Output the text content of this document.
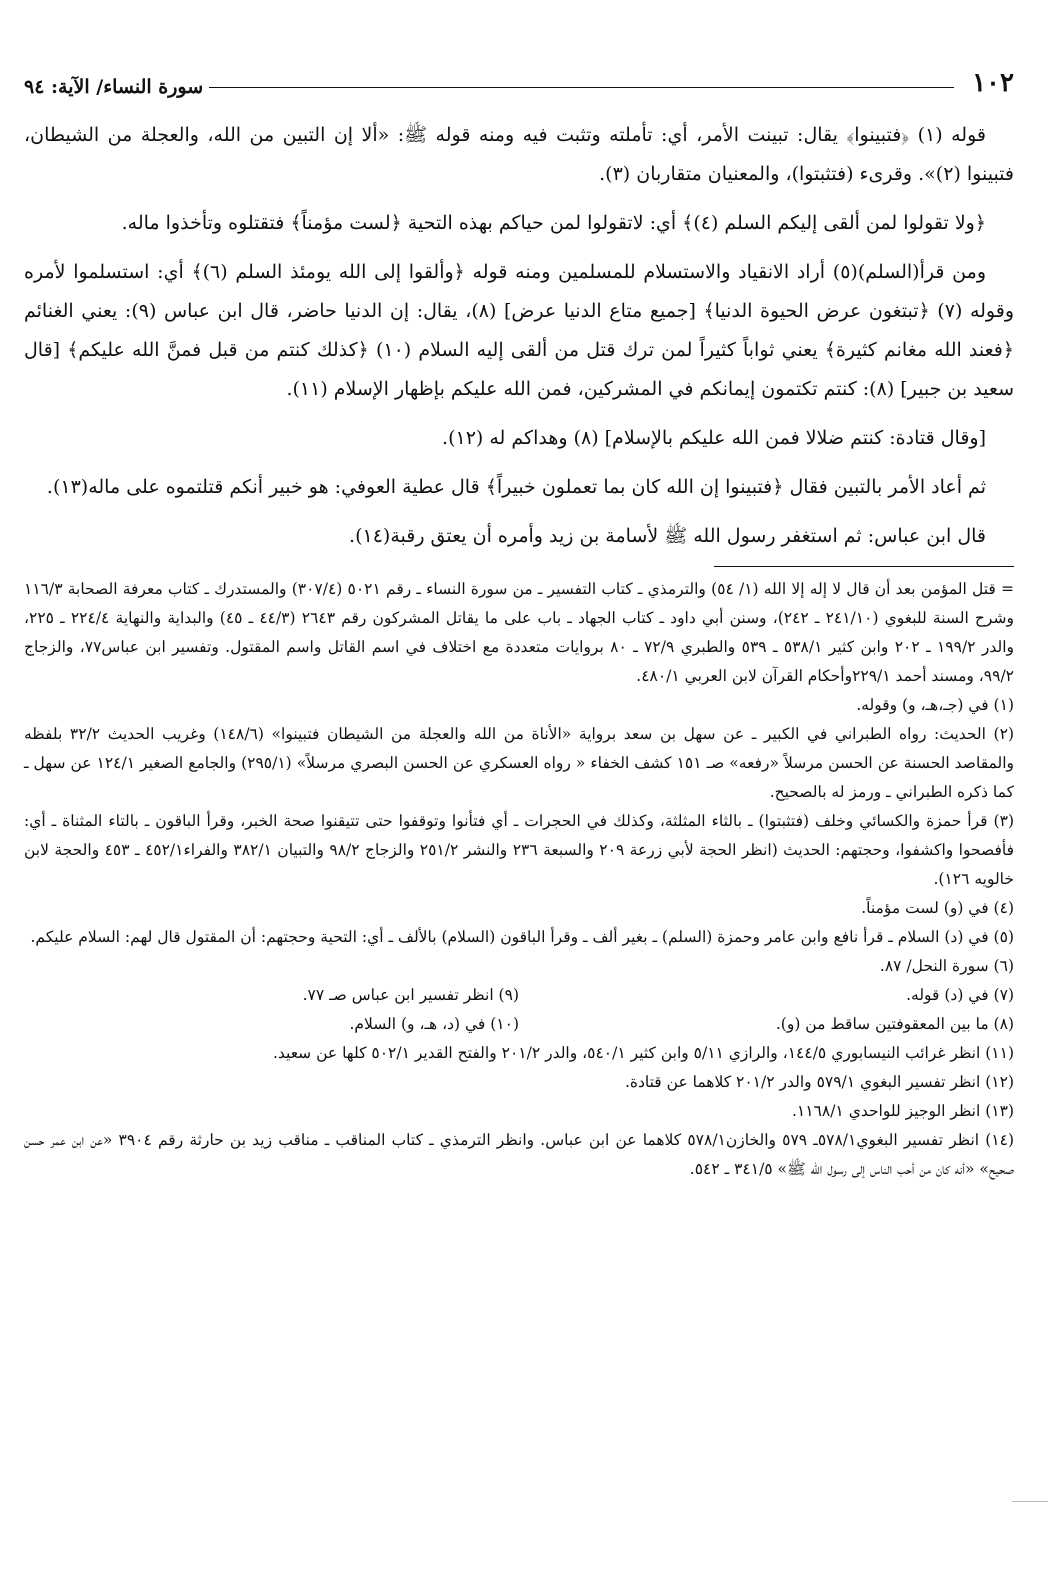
١٠٢
سورة النساء/ الآية: ٩٤

قوله (١) ﴿فتبينوا﴾ يقال: تبينت الأمر، أي: تأملته وتثبت فيه ومنه قوله ﷺ: «ألا إن التبين من الله، والعجلة من الشيطان، فتبينوا (٢)». وقرىء (فتثبتوا)، والمعنيان متقاربان (٣).

﴿ولا تقولوا لمن ألقى إليكم السلم (٤)﴾ أي: لاتقولوا لمن حياكم بهذه التحية ﴿لست مؤمناً﴾ فتقتلوه وتأخذوا ماله.

ومن قرأ(السلم)(٥) أراد الانقياد والاستسلام للمسلمين ومنه قوله ﴿وألقوا إلى الله يومئذ السلم (٦)﴾ أي: استسلموا لأمره وقوله (٧) ﴿تبتغون عرض الحيوة الدنيا﴾ [جميع متاع الدنيا عرض] (٨)، يقال: إن الدنيا حاضر، قال ابن عباس (٩): يعني الغنائم ﴿فعند الله مغانم كثيرة﴾ يعني ثواباً كثيراً لمن ترك قتل من ألقى إليه السلام (١٠) ﴿كذلك كنتم من قبل فمنَّ الله عليكم﴾ [قال سعيد بن جبير] (٨): كنتم تكتمون إيمانكم في المشركين، فمن الله عليكم بإظهار الإسلام (١١).

[وقال قتادة: كنتم ضلالا فمن الله عليكم بالإسلام] (٨) وهداكم له (١٢).

ثم أعاد الأمر بالتبين فقال ﴿فتبينوا إن الله كان بما تعملون خبيراً﴾ قال عطية العوفي: هو خبير أنكم قتلتموه على ماله(١٣).

قال ابن عباس: ثم استغفر رسول الله ﷺ لأسامة بن زيد وأمره أن يعتق رقبة(١٤).

= قتل المؤمن بعد أن قال لا إله إلا الله (١/ ٥٤) والترمذي ـ كتاب التفسير ـ من سورة النساء ـ رقم ٥٠٢١ (٣٠٧/٤) والمستدرك ـ كتاب معرفة الصحابة ١١٦/٣ وشرح السنة للبغوي (٢٤١/١٠ ـ ٢٤٢)، وسنن أبي داود ـ كتاب الجهاد ـ باب على ما يقاتل المشركون رقم ٢٦٤٣ (٤٤/٣ ـ ٤٥) والبداية والنهاية ٢٢٤/٤ ـ ٢٢٥، والدر ١٩٩/٢ ـ ٢٠٢ وابن كثير ٥٣٨/١ ـ ٥٣٩ والطبري ٧٢/٩ ـ ٨٠ بروايات متعددة مع اختلاف في اسم القاتل واسم المقتول. وتفسير ابن عباس٧٧، والزجاج ٩٩/٢، ومسند أحمد ٢٢٩/١وأحكام القرآن لابن العربي ٤٨٠/١.

(١) في (جـ،هـ، و) وقوله.

(٢) الحديث: رواه الطبراني في الكبير ـ عن سهل بن سعد برواية «الأناة من الله والعجلة من الشيطان فتبينوا» (١٤٨/٦) وغريب الحديث ٣٢/٢ بلفظه والمقاصد الحسنة عن الحسن مرسلاً «رفعه» صـ ١٥١ كشف الخفاء « رواه العسكري عن الحسن البصري مرسلاً» (٢٩٥/١) والجامع الصغير ١٢٤/١ عن سهل ـ كما ذكره الطبراني ـ ورمز له بالصحيح.

(٣) قرأ حمزة والكسائي وخلف (فتثبتوا) ـ بالثاء المثلثة، وكذلك في الحجرات ـ أي فتأنوا وتوقفوا حتى تتيقنوا صحة الخبر، وقرأ الباقون ـ بالتاء المثناة ـ أي: فأفصحوا واكشفوا، وحجتهم: الحديث (انظر الحجة لأبي زرعة ٢٠٩ والسبعة ٢٣٦ والنشر ٢٥١/٢ والزجاج ٩٨/٢ والتبيان ٣٨٢/١ والفراء٤٥٢/١ ـ ٤٥٣ والحجة لابن خالويه ١٢٦).

(٤) في (و) لست مؤمناً.

(٥) في (د) السلام ـ قرأ نافع وابن عامر وحمزة (السلم) ـ بغير ألف ـ وقرأ الباقون (السلام) بالألف ـ أي: التحية وحجتهم: أن المقتول قال لهم: السلام عليكم.

(٦) سورة النحل/ ٨٧.

(٧) في (د) قوله.

(٩) انظر تفسير ابن عباس صـ ٧٧.

(٨) ما بين المعقوفتين ساقط من (و).

(١٠) في (د، هـ، و) السلام.

(١١) انظر غرائب النيسابوري ١٤٤/٥، والرازي ٥/١١ وابن كثير ٥٤٠/١، والدر ٢٠١/٢ والفتح القدير ٥٠٢/١ كلها عن سعيد.

(١٢) انظر تفسير البغوي ٥٧٩/١ والدر ٢٠١/٢ كلاهما عن قتادة.

(١٣) انظر الوجيز للواحدي ١١٦٨/١.

(١٤) انظر تفسير البغوي٥٧٨/١ـ ٥٧٩ والخازن٥٧٨/١ كلاهما عن ابن عباس. وانظر الترمذي ـ كتاب المناقب ـ مناقب زيد بن حارثة رقم ٣٩٠٤ «عن ابن عمر حسن صحيح» «أنه كان من أحب الناس إلى رسول الله ﷺ» ٣٤١/٥ ـ ٥٤٢.
